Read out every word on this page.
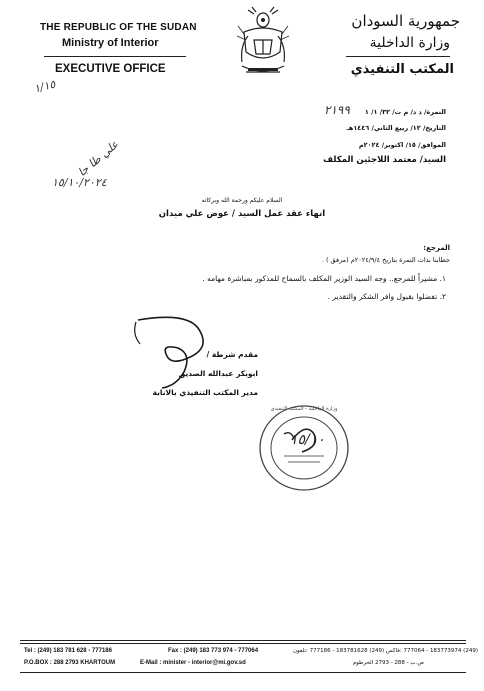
THE REPUBLIC OF THE SUDAN
Ministry of Interior
EXECUTIVE OFFICE
جمهورية السودان
وزارة الداخلية
المكتب التنفيذي
١/١٥
علي طا جا
١٥/١٠/٢٠٢٤
٢١٩٩ النمرة/ د د/ م ت/ ٣٢/ ١/ ١
التاريخ/ ١٢/ ربيع الثاني/ ١٤٤٦هـ
الموافق/ ١٥/ اكتوبر/ ٢٠٢٤م
السيد/ معتمد اللاجئين المكلف
السلام عليكم ورحمة الله وبركاته
انهاء عقد عمل السيد / عوض علي ميدان
المرجع:
خطابنا بذات النمرة بتاريخ ٢٠٢٤/٩/٤م (مرفق ) .
١. مشيراً للمرجع.. وجه السيد الوزير المكلف بالسماح للمذكور بمباشرة مهامه .
٢. تفضلوا بقبول وافر الشكر والتقدير .
مقدم شرطة /
ابوبكر عبدالله الصديق
مدير المكتب التنفيذي بالانابة
وزارة الداخلية - المكتب التنفيذي
١٥/١٠
Tel : (249) 183 781 628 - 777186	Fax : (249) 183 773 974 - 777064	(249) 183773974 - 777064 :فاكس (249) 183781628 - 777186 :تلفون
P.O.BOX : 288 2793 KHARTOUM	E-Mail : minister - interior@mi.gov.sd	ص.ب - 288 - 2793 الخرطوم
